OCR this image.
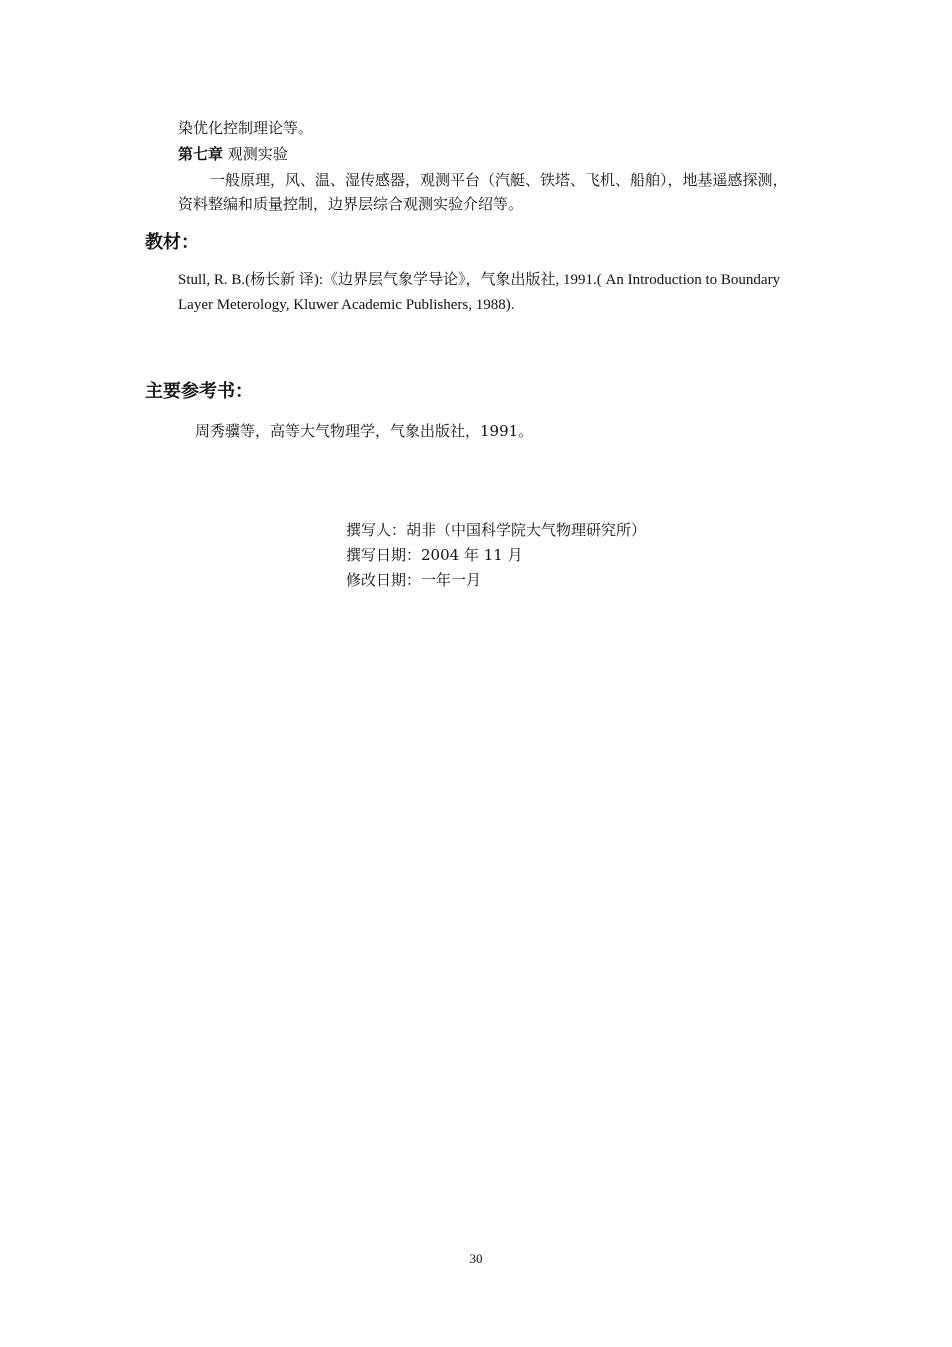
染优化控制理论等。
第七章 观测实验
一般原理，风、温、湿传感器，观测平台（汽艇、铁塔、飞机、船舶），地基遥感探测，
资料整编和质量控制，边界层综合观测实验介绍等。
教材：
Stull, R. B.(杨长新 译):《边界层气象学导论》，气象出版社, 1991.( An Introduction to Boundary
Layer Meterology, Kluwer Academic Publishers, 1988).
主要参考书：
周秀骥等，高等大气物理学，气象出版社，1991。
撰写人：胡非（中国科学院大气物理研究所）
撰写日期：2004 年 11 月
修改日期：一年一月
30
